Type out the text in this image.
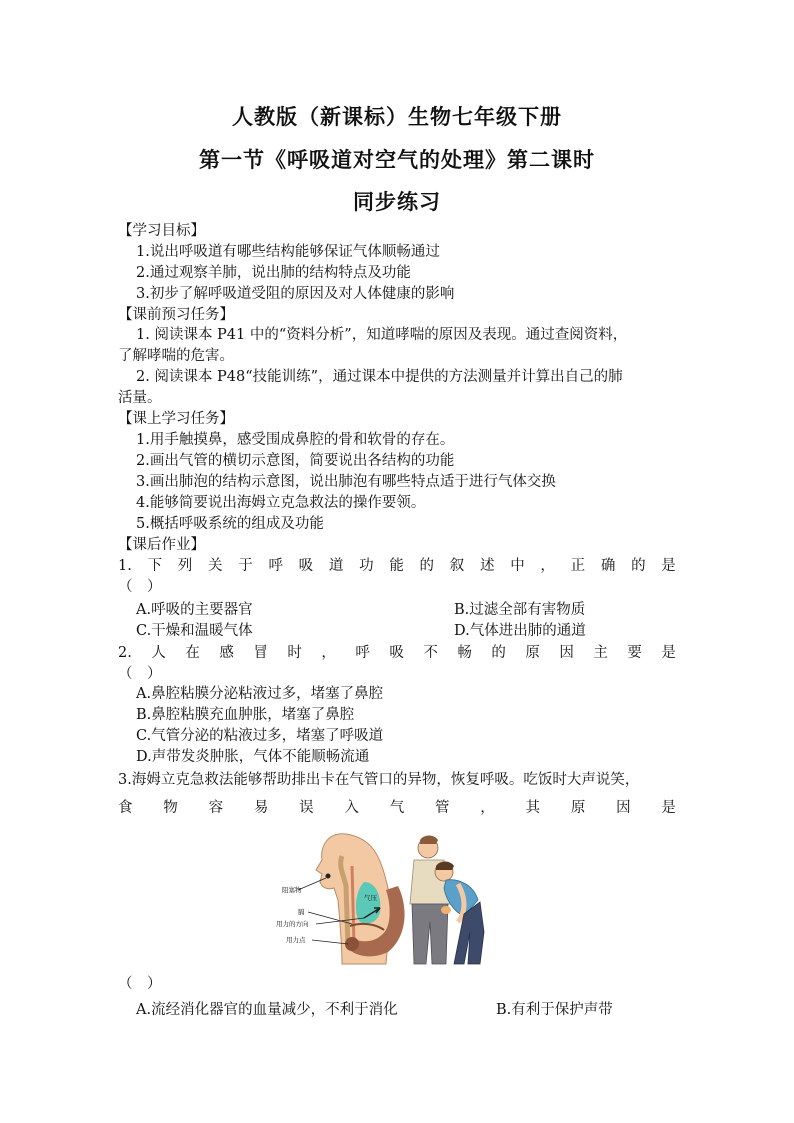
人教版（新课标）生物七年级下册
第一节《呼吸道对空气的处理》第二课时
同步练习
【学习目标】
1.说出呼吸道有哪些结构能够保证气体顺畅通过
2.通过观察羊肺，说出肺的结构特点及功能
3.初步了解呼吸道受阻的原因及对人体健康的影响
【课前预习任务】
1. 阅读课本 P41 中的“资料分析”，知道哮喘的原因及表现。通过查阅资料，
了解哮喘的危害。
2. 阅读课本 P48“技能训练”，通过课本中提供的方法测量并计算出自己的肺
活量。
【课上学习任务】
1.用手触摸鼻，感受围成鼻腔的骨和软骨的存在。
2.画出气管的横切示意图，简要说出各结构的功能
3.画出肺泡的结构示意图，说出肺泡有哪些特点适于进行气体交换
4.能够简要说出海姆立克急救法的操作要领。
5.概括呼吸系统的组成及功能
【课后作业】
1. 下 列 关 于 呼 吸 道 功 能 的 叙 述 中 ， 正 确 的 是
（　）
A.呼吸的主要器官	B.过滤全部有害物质
C.干燥和温暖气体	D.气体进出肺的通道
2. 人 在 感 冒 时 ， 呼 吸 不 畅 的 原 因 主 要 是
（　）
A.鼻腔粘膜分泌粘液过多，堵塞了鼻腔
B.鼻腔粘膜充血肿胀，堵塞了鼻腔
C.气管分泌的粘液过多，堵塞了呼吸道
D.声带发炎肿胀，气体不能顺畅流通
3.海姆立克急救法能够帮助排出卡在气管口的异物，恢复呼吸。吃饭时大声说笑，
食 物 容 易 误 入 气 管 ， 其 原 因 是
阻塞物
气压
膈
用力的方向
用力点
（　）
A.流经消化器官的血量减少，不利于消化	B.有利于保护声带
